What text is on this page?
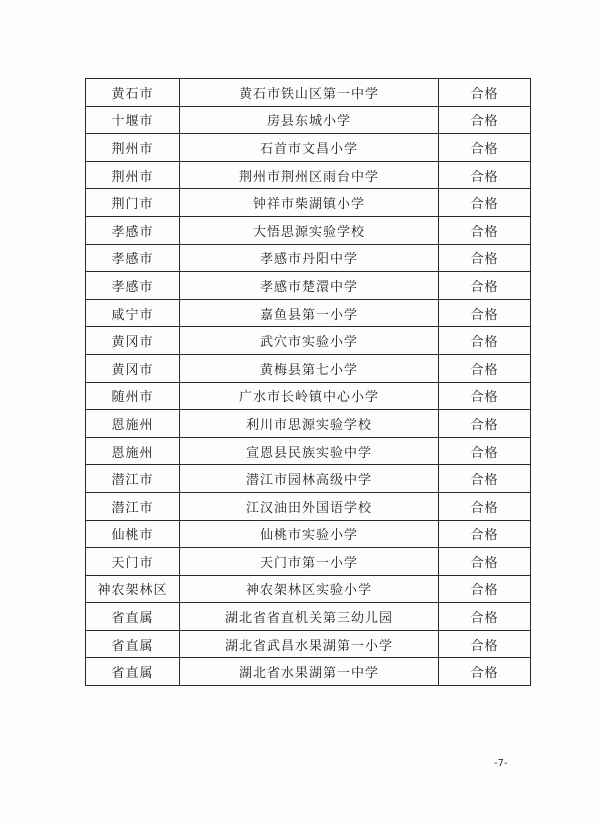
黄石市	黄石市铁山区第一中学	合格
十堰市	房县东城小学	合格
荆州市	石首市文昌小学	合格
荆州市	荆州市荆州区雨台中学	合格
荆门市	钟祥市柴湖镇小学	合格
孝感市	大悟思源实验学校	合格
孝感市	孝感市丹阳中学	合格
孝感市	孝感市楚澴中学	合格
咸宁市	嘉鱼县第一小学	合格
黄冈市	武穴市实验小学	合格
黄冈市	黄梅县第七小学	合格
随州市	广水市长岭镇中心小学	合格
恩施州	利川市思源实验学校	合格
恩施州	宣恩县民族实验中学	合格
潜江市	潜江市园林高级中学	合格
潜江市	江汉油田外国语学校	合格
仙桃市	仙桃市实验小学	合格
天门市	天门市第一小学	合格
神农架林区	神农架林区实验小学	合格
省直属	湖北省省直机关第三幼儿园	合格
省直属	湖北省武昌水果湖第一小学	合格
省直属	湖北省水果湖第一中学	合格
-7-
